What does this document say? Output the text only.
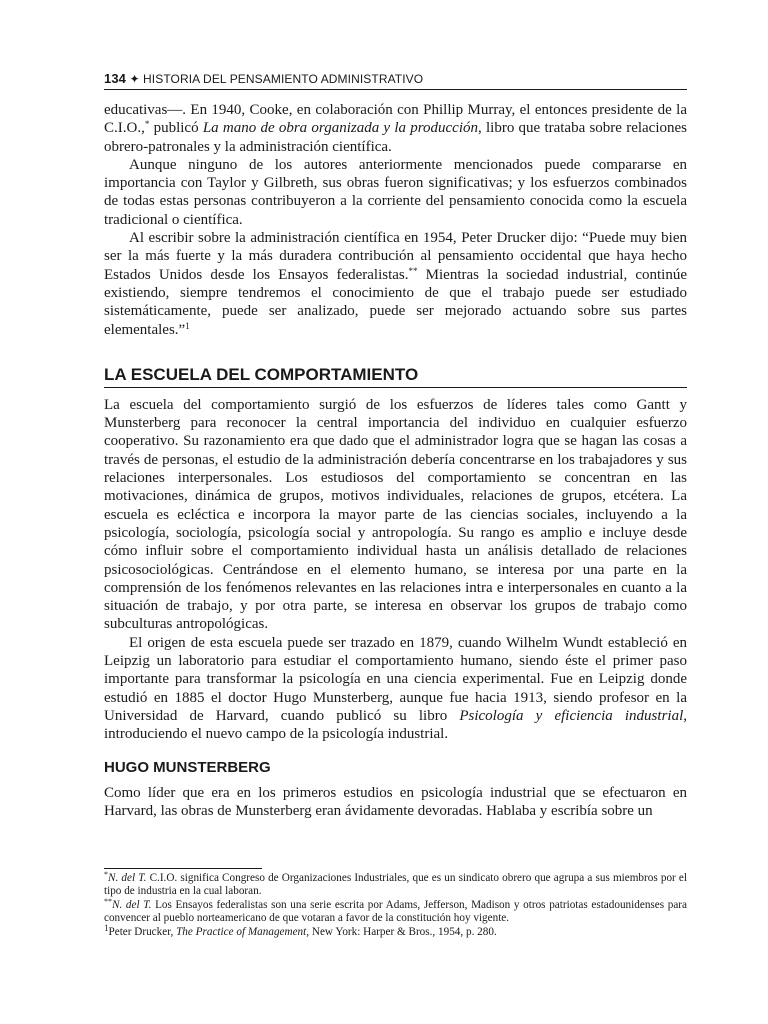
134 ✦ HISTORIA DEL PENSAMIENTO ADMINISTRATIVO

educativas—. En 1940, Cooke, en colaboración con Phillip Murray, el entonces presidente de la C.I.O.,* publicó La mano de obra organizada y la producción, libro que trataba sobre relaciones obrero-patronales y la administración científica.

Aunque ninguno de los autores anteriormente mencionados puede compararse en importancia con Taylor y Gilbreth, sus obras fueron significativas; y los esfuerzos combinados de todas estas personas contribuyeron a la corriente del pensamiento conocida como la escuela tradicional o científica.

Al escribir sobre la administración científica en 1954, Peter Drucker dijo: “Puede muy bien ser la más fuerte y la más duradera contribución al pensamiento occidental que haya hecho Estados Unidos desde los Ensayos federalistas.** Mientras la sociedad industrial, continúe existiendo, siempre tendremos el conocimiento de que el trabajo puede ser estudiado sistemáticamente, puede ser analizado, puede ser mejorado actuando sobre sus partes elementales.”$^1$

LA ESCUELA DEL COMPORTAMIENTO

La escuela del comportamiento surgió de los esfuerzos de líderes tales como Gantt y Munsterberg para reconocer la central importancia del individuo en cualquier esfuerzo cooperativo. Su razonamiento era que dado que el administrador logra que se hagan las cosas a través de personas, el estudio de la administración debería concentrarse en los trabajadores y sus relaciones interpersonales. Los estudiosos del comportamiento se concentran en las motivaciones, dinámica de grupos, motivos individuales, relaciones de grupos, etcétera. La escuela es ecléctica e incorpora la mayor parte de las ciencias sociales, incluyendo a la psicología, sociología, psicología social y antropología. Su rango es amplio e incluye desde cómo influir sobre el comportamiento individual hasta un análisis detallado de relaciones psicosociológicas. Centrándose en el elemento humano, se interesa por una parte en la comprensión de los fenómenos relevantes en las relaciones intra e interpersonales en cuanto a la situación de trabajo, y por otra parte, se interesa en observar los grupos de trabajo como subculturas antropológicas.

El origen de esta escuela puede ser trazado en 1879, cuando Wilhelm Wundt estableció en Leipzig un laboratorio para estudiar el comportamiento humano, siendo éste el primer paso importante para transformar la psicología en una ciencia experimental. Fue en Leipzig donde estudió en 1885 el doctor Hugo Munsterberg, aunque fue hacia 1913, siendo profesor en la Universidad de Harvard, cuando publicó su libro Psicología y eficiencia industrial, introduciendo el nuevo campo de la psicología industrial.

HUGO MUNSTERBERG

Como líder que era en los primeros estudios en psicología industrial que se efectuaron en Harvard, las obras de Munsterberg eran ávidamente devoradas. Hablaba y escribía sobre un

*N. del T. C.I.O. significa Congreso de Organizaciones Industriales, que es un sindicato obrero que agrupa a sus miembros por el tipo de industria en la cual laboran.

**N. del T. Los Ensayos federalistas son una serie escrita por Adams, Jefferson, Madison y otros patriotas estadounidenses para convencer al pueblo norteamericano de que votaran a favor de la constitución hoy vigente.

$^1$Peter Drucker, The Practice of Management, New York: Harper & Bros., 1954, p. 280.
